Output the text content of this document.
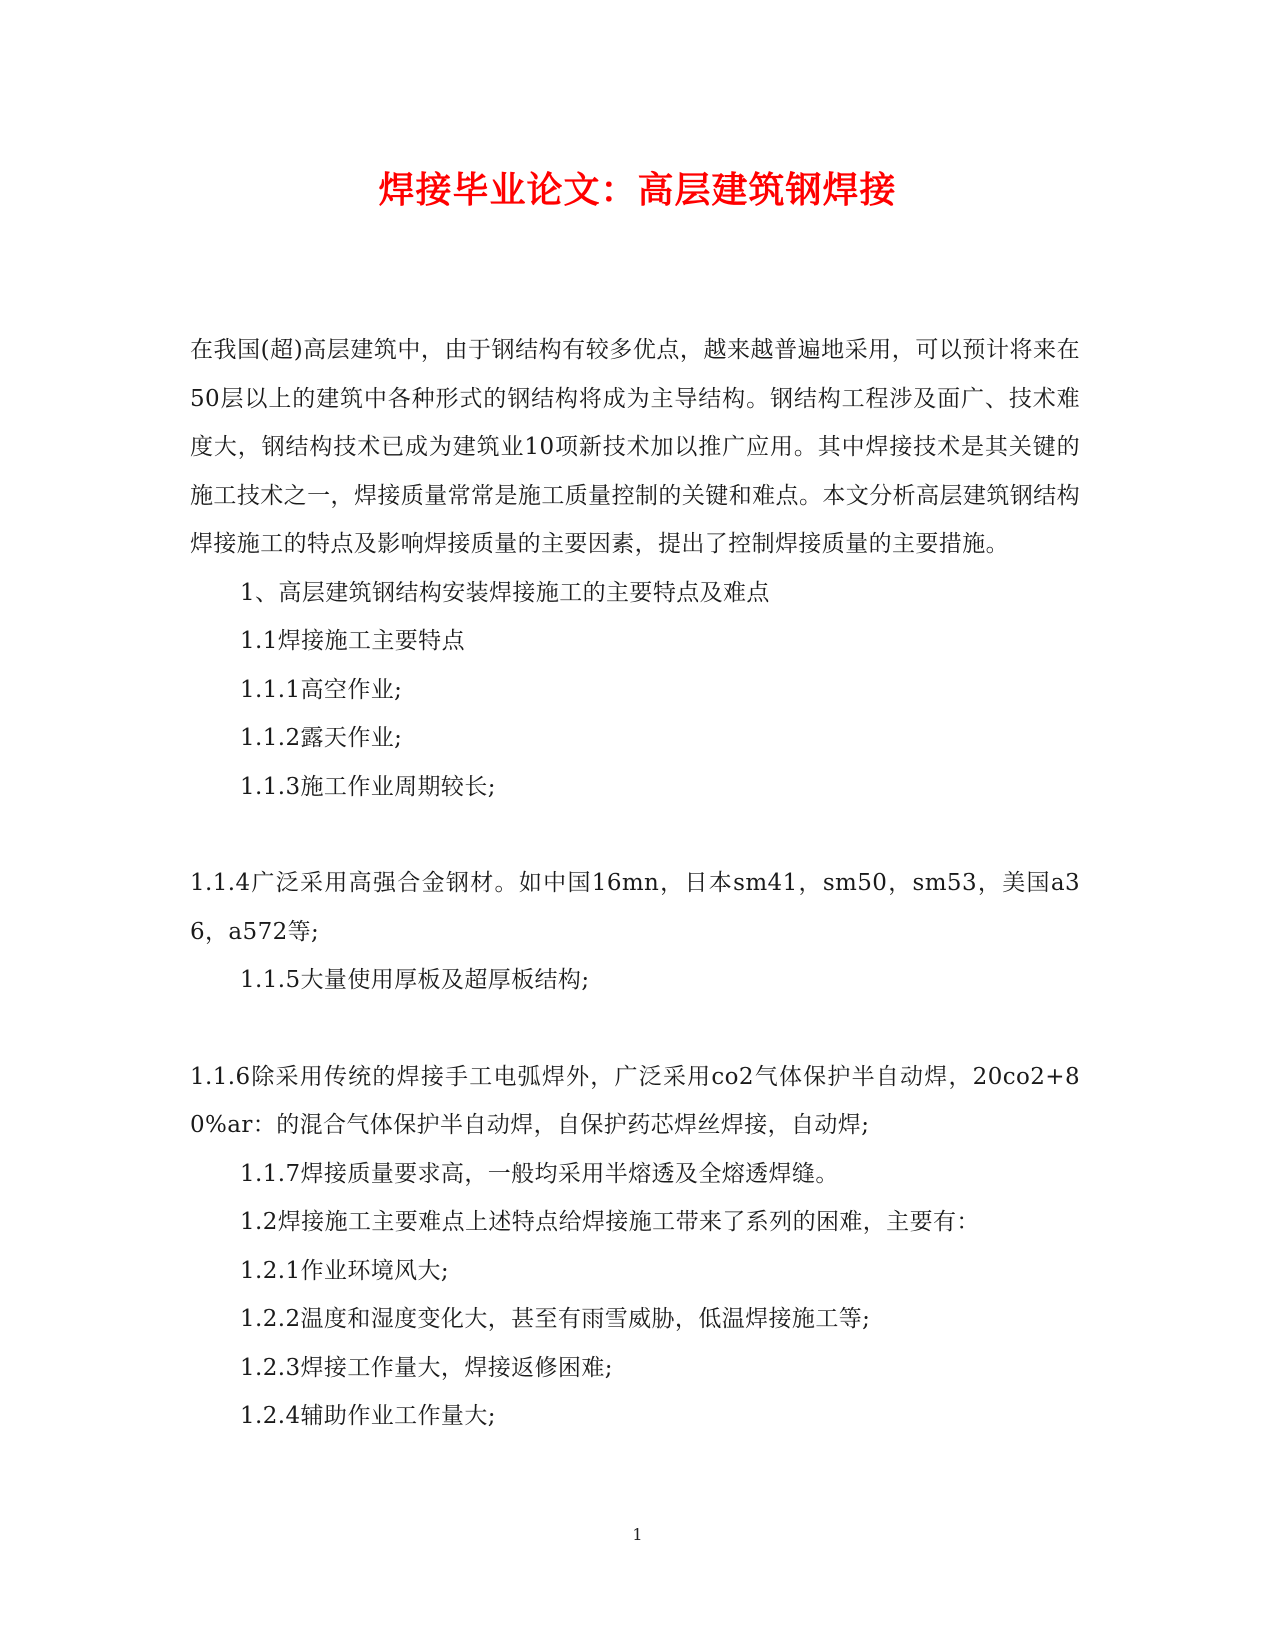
焊接毕业论文：高层建筑钢焊接

在我国(超)高层建筑中，由于钢结构有较多优点，越来越普遍地采用，可以预计将来在50层以上的建筑中各种形式的钢结构将成为主导结构。钢结构工程涉及面广、技术难度大，钢结构技术已成为建筑业10项新技术加以推广应用。其中焊接技术是其关键的施工技术之一，焊接质量常常是施工质量控制的关键和难点。本文分析高层建筑钢结构焊接施工的特点及影响焊接质量的主要因素，提出了控制焊接质量的主要措施。

1、高层建筑钢结构安装焊接施工的主要特点及难点

1.1焊接施工主要特点

1.1.1高空作业;

1.1.2露天作业;

1.1.3施工作业周期较长;

1.1.4广泛采用高强合金钢材。如中国16mn，日本sm41，sm50，sm53，美国a36，a572等;

1.1.5大量使用厚板及超厚板结构;

1.1.6除采用传统的焊接手工电弧焊外，广泛采用co2气体保护半自动焊，20co2+80%ar：的混合气体保护半自动焊，自保护药芯焊丝焊接，自动焊;

1.1.7焊接质量要求高，一般均采用半熔透及全熔透焊缝。

1.2焊接施工主要难点上述特点给焊接施工带来了系列的困难，主要有：

1.2.1作业环境风大;

1.2.2温度和湿度变化大，甚至有雨雪威胁，低温焊接施工等;

1.2.3焊接工作量大，焊接返修困难;

1.2.4辅助作业工作量大;

1
